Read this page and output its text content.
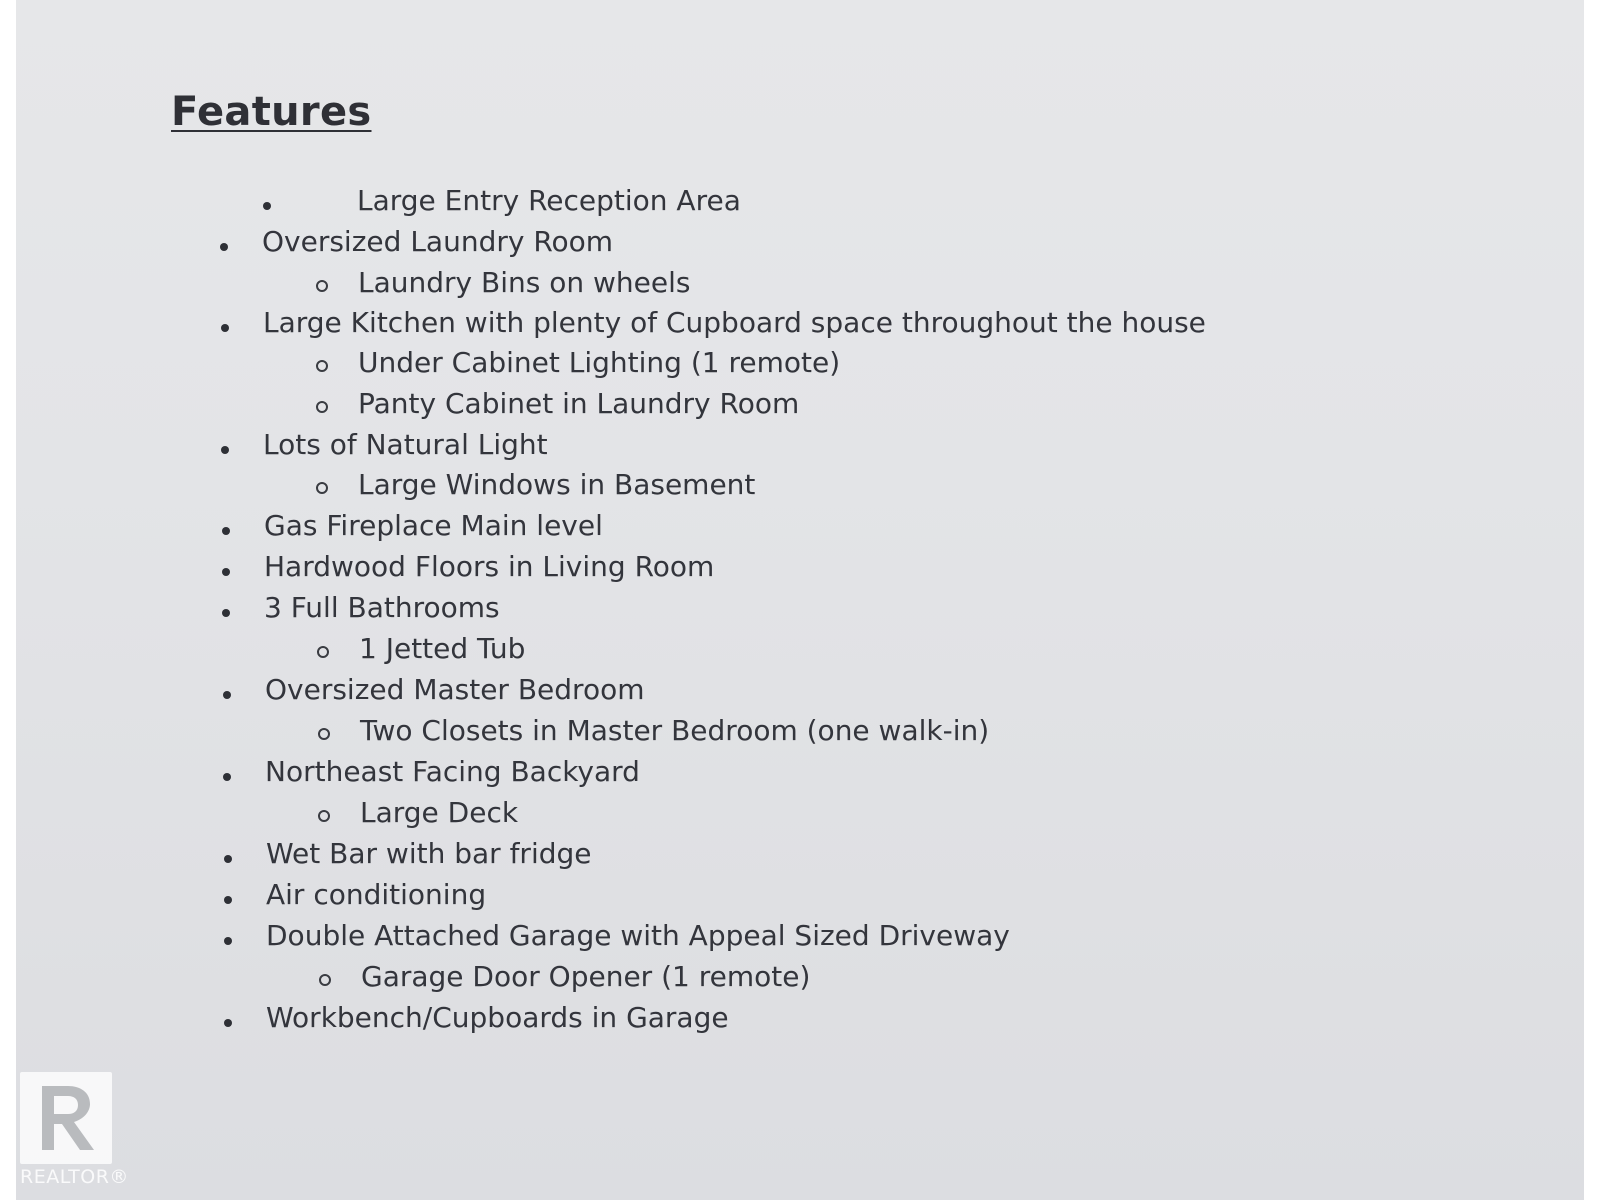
Features
Large Entry Reception Area
Oversized Laundry Room
Laundry Bins on wheels
Large Kitchen with plenty of Cupboard space throughout the house
Under Cabinet Lighting (1 remote)
Panty Cabinet in Laundry Room
Lots of Natural Light
Large Windows in Basement
Gas Fireplace Main level
Hardwood Floors in Living Room
3 Full Bathrooms
1 Jetted Tub
Oversized Master Bedroom
Two Closets in Master Bedroom (one walk-in)
Northeast Facing Backyard
Large Deck
Wet Bar with bar fridge
Air conditioning
Double Attached Garage with Appeal Sized Driveway
Garage Door Opener (1 remote)
Workbench/Cupboards in Garage
REALTOR®
